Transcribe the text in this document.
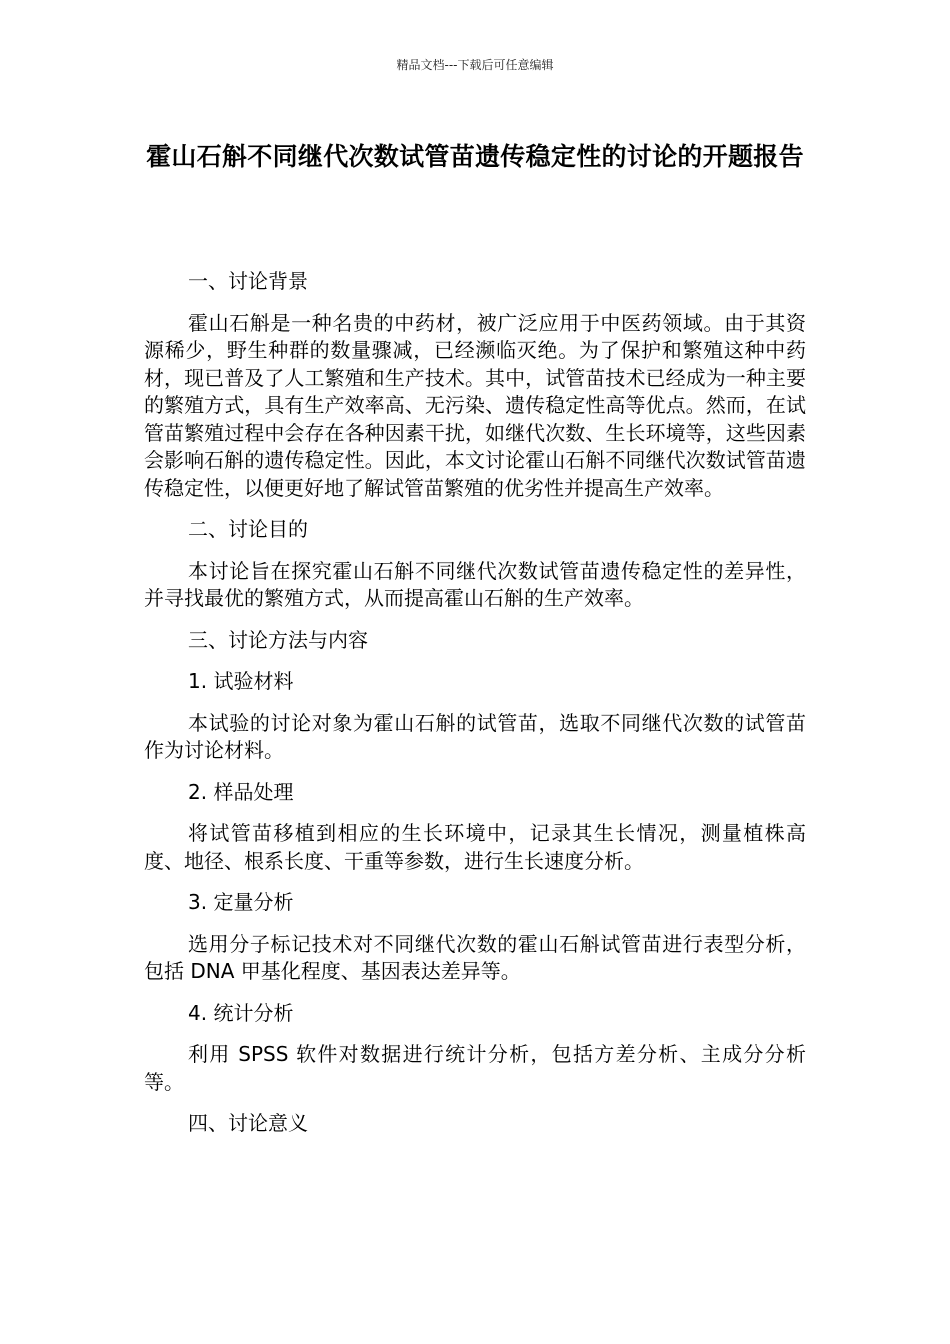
精品文档---下载后可任意编辑
霍山石斛不同继代次数试管苗遗传稳定性的讨论的开题报告

一、讨论背景

霍山石斛是一种名贵的中药材，被广泛应用于中医药领域。由于其资源稀少，野生种群的数量骤减，已经濒临灭绝。为了保护和繁殖这种中药材，现已普及了人工繁殖和生产技术。其中，试管苗技术已经成为一种主要的繁殖方式，具有生产效率高、无污染、遗传稳定性高等优点。然而，在试管苗繁殖过程中会存在各种因素干扰，如继代次数、生长环境等，这些因素会影响石斛的遗传稳定性。因此，本文讨论霍山石斛不同继代次数试管苗遗传稳定性，以便更好地了解试管苗繁殖的优劣性并提高生产效率。

二、讨论目的

本讨论旨在探究霍山石斛不同继代次数试管苗遗传稳定性的差异性，并寻找最优的繁殖方式，从而提高霍山石斛的生产效率。

三、讨论方法与内容

1. 试验材料

本试验的讨论对象为霍山石斛的试管苗，选取不同继代次数的试管苗作为讨论材料。

2. 样品处理

将试管苗移植到相应的生长环境中，记录其生长情况，测量植株高度、地径、根系长度、干重等参数，进行生长速度分析。

3. 定量分析

选用分子标记技术对不同继代次数的霍山石斛试管苗进行表型分析，包括 DNA 甲基化程度、基因表达差异等。

4. 统计分析

利用 SPSS 软件对数据进行统计分析，包括方差分析、主成分分析等。

四、讨论意义
